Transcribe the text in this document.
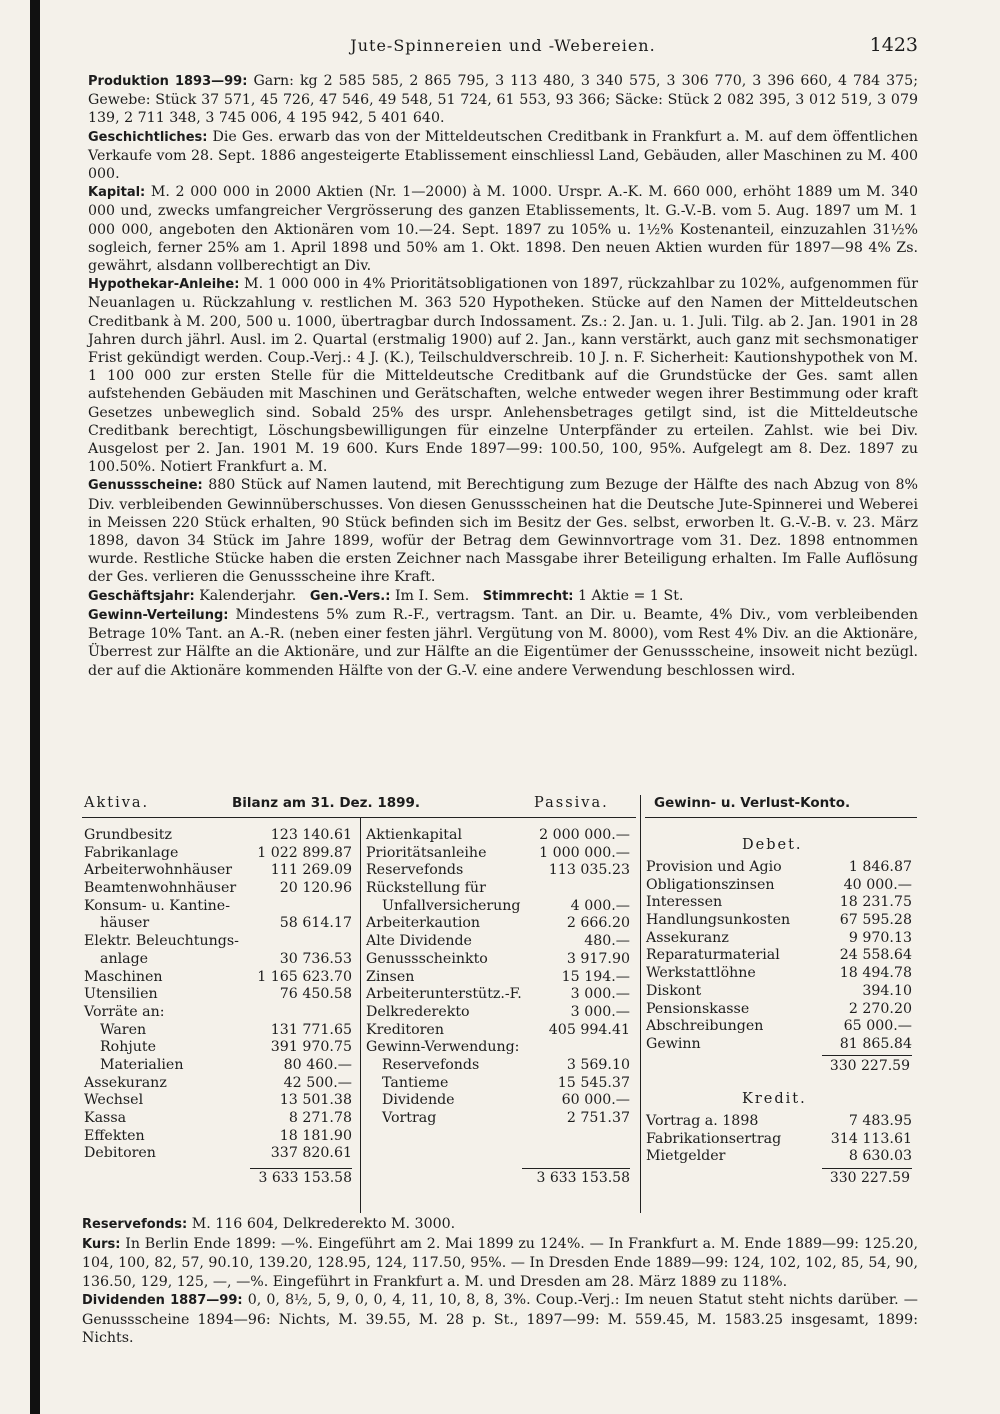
Jute-Spinnereien und -Webereien.	1423

Produktion 1893—99: Garn: kg 2 585 585, 2 865 795, 3 113 480, 3 340 575, 3 306 770, 3 396 660, 4 784 375; Gewebe: Stück 37 571, 45 726, 47 546, 49 548, 51 724, 61 553, 93 366; Säcke: Stück 2 082 395, 3 012 519, 3 079 139, 2 711 348, 3 745 006, 4 195 942, 5 401 640.

Geschichtliches: Die Ges. erwarb das von der Mitteldeutschen Creditbank in Frankfurt a. M. auf dem öffentlichen Verkaufe vom 28. Sept. 1886 angesteigerte Etablissement einschliessl Land, Gebäuden, aller Maschinen zu M. 400 000.

Kapital: M. 2 000 000 in 2000 Aktien (Nr. 1—2000) à M. 1000. Urspr. A.-K. M. 660 000, erhöht 1889 um M. 340 000 und, zwecks umfangreicher Vergrösserung des ganzen Etablissements, lt. G.-V.-B. vom 5. Aug. 1897 um M. 1 000 000, angeboten den Aktionären vom 10.—24. Sept. 1897 zu 105% u. 1½% Kostenanteil, einzuzahlen 31½% sogleich, ferner 25% am 1. April 1898 und 50% am 1. Okt. 1898. Den neuen Aktien wurden für 1897—98 4% Zs. gewährt, alsdann vollberechtigt an Div.

Hypothekar-Anleihe: M. 1 000 000 in 4% Prioritätsobligationen von 1897, rückzahlbar zu 102%, aufgenommen für Neuanlagen u. Rückzahlung v. restlichen M. 363 520 Hypotheken. Stücke auf den Namen der Mitteldeutschen Creditbank à M. 200, 500 u. 1000, übertragbar durch Indossament. Zs.: 2. Jan. u. 1. Juli. Tilg. ab 2. Jan. 1901 in 28 Jahren durch jährl. Ausl. im 2. Quartal (erstmalig 1900) auf 2. Jan., kann verstärkt, auch ganz mit sechsmonatiger Frist gekündigt werden. Coup.-Verj.: 4 J. (K.), Teilschuldverschreib. 10 J. n. F. Sicherheit: Kautionshypothek von M. 1 100 000 zur ersten Stelle für die Mitteldeutsche Creditbank auf die Grundstücke der Ges. samt allen aufstehenden Gebäuden mit Maschinen und Gerätschaften, welche entweder wegen ihrer Bestimmung oder kraft Gesetzes unbeweglich sind. Sobald 25% des urspr. Anlehensbetrages getilgt sind, ist die Mitteldeutsche Creditbank berechtigt, Löschungsbewilligungen für einzelne Unterpfänder zu erteilen. Zahlst. wie bei Div. Ausgelost per 2. Jan. 1901 M. 19 600. Kurs Ende 1897—99: 100.50, 100, 95%. Aufgelegt am 8. Dez. 1897 zu 100.50%. Notiert Frankfurt a. M.

Genussscheine: 880 Stück auf Namen lautend, mit Berechtigung zum Bezuge der Hälfte des nach Abzug von 8% Div. verbleibenden Gewinnüberschusses. Von diesen Genussscheinen hat die Deutsche Jute-Spinnerei und Weberei in Meissen 220 Stück erhalten, 90 Stück befinden sich im Besitz der Ges. selbst, erworben lt. G.-V.-B. v. 23. März 1898, davon 34 Stück im Jahre 1899, wofür der Betrag dem Gewinnvortrage vom 31. Dez. 1898 entnommen wurde. Restliche Stücke haben die ersten Zeichner nach Massgabe ihrer Beteiligung erhalten. Im Falle Auflösung der Ges. verlieren die Genussscheine ihre Kraft.

Geschäftsjahr: Kalenderjahr. Gen.-Vers.: Im I. Sem. Stimmrecht: 1 Aktie = 1 St.

Gewinn-Verteilung: Mindestens 5% zum R.-F., vertragsm. Tant. an Dir. u. Beamte, 4% Div., vom verbleibenden Betrage 10% Tant. an A.-R. (neben einer festen jährl. Vergütung von M. 8000), vom Rest 4% Div. an die Aktionäre, Überrest zur Hälfte an die Aktionäre, und zur Hälfte an die Eigentümer der Genussscheine, insoweit nicht bezügl. der auf die Aktionäre kommenden Hälfte von der G.-V. eine andere Verwendung beschlossen wird.

Aktiva.	Bilanz am 31. Dez. 1899.	Passiva.	Gewinn- u. Verlust-Konto.
Grundbesitz	123 140.61
Fabrikanlage	1 022 899.87
Arbeiterwohnhäuser	111 269.09
Beamtenwohnhäuser	20 120.96
Konsum- u. Kantine-
häuser	58 614.17
Elektr. Beleuchtungs-
anlage	30 736.53
Maschinen	1 165 623.70
Utensilien	76 450.58
Vorräte an:
Waren	131 771.65
Rohjute	391 970.75
Materialien	80 460.—
Assekuranz	42 500.—
Wechsel	13 501.38
Kassa	8 271.78
Effekten	18 181.90
Debitoren	337 820.61
3 633 153.58
Aktienkapital	2 000 000.—
Prioritätsanleihe	1 000 000.—
Reservefonds	113 035.23
Rückstellung für
Unfallversicherung	4 000.—
Arbeiterkaution	2 666.20
Alte Dividende	480.—
Genussscheinkto	3 917.90
Zinsen	15 194.—
Arbeiterunterstütz.-F.	3 000.—
Delkrederekto	3 000.—
Kreditoren	405 994.41
Gewinn-Verwendung:
Reservefonds	3 569.10
Tantieme	15 545.37
Dividende	60 000.—
Vortrag	2 751.37
3 633 153.58
Debet.
Provision und Agio	1 846.87
Obligationszinsen	40 000.—
Interessen	18 231.75
Handlungsunkosten	67 595.28
Assekuranz	9 970.13
Reparaturmaterial	24 558.64
Werkstattlöhne	18 494.78
Diskont	394.10
Pensionskasse	2 270.20
Abschreibungen	65 000.—
Gewinn	81 865.84
330 227.59
Kredit.
Vortrag a. 1898	7 483.95
Fabrikationsertrag	314 113.61
Mietgelder	8 630.03
330 227.59

Reservefonds: M. 116 604, Delkrederekto M. 3000.

Kurs: In Berlin Ende 1899: —%. Eingeführt am 2. Mai 1899 zu 124%. — In Frankfurt a. M. Ende 1889—99: 125.20, 104, 100, 82, 57, 90.10, 139.20, 128.95, 124, 117.50, 95%. — In Dresden Ende 1889—99: 124, 102, 102, 85, 54, 90, 136.50, 129, 125, —, —%. Eingeführt in Frankfurt a. M. und Dresden am 28. März 1889 zu 118%.

Dividenden 1887—99: 0, 0, 8½, 5, 9, 0, 0, 4, 11, 10, 8, 8, 3%. Coup.-Verj.: Im neuen Statut steht nichts darüber. — Genussscheine 1894—96: Nichts, M. 39.55, M. 28 p. St., 1897—99: M. 559.45, M. 1583.25 insgesamt, 1899: Nichts.
